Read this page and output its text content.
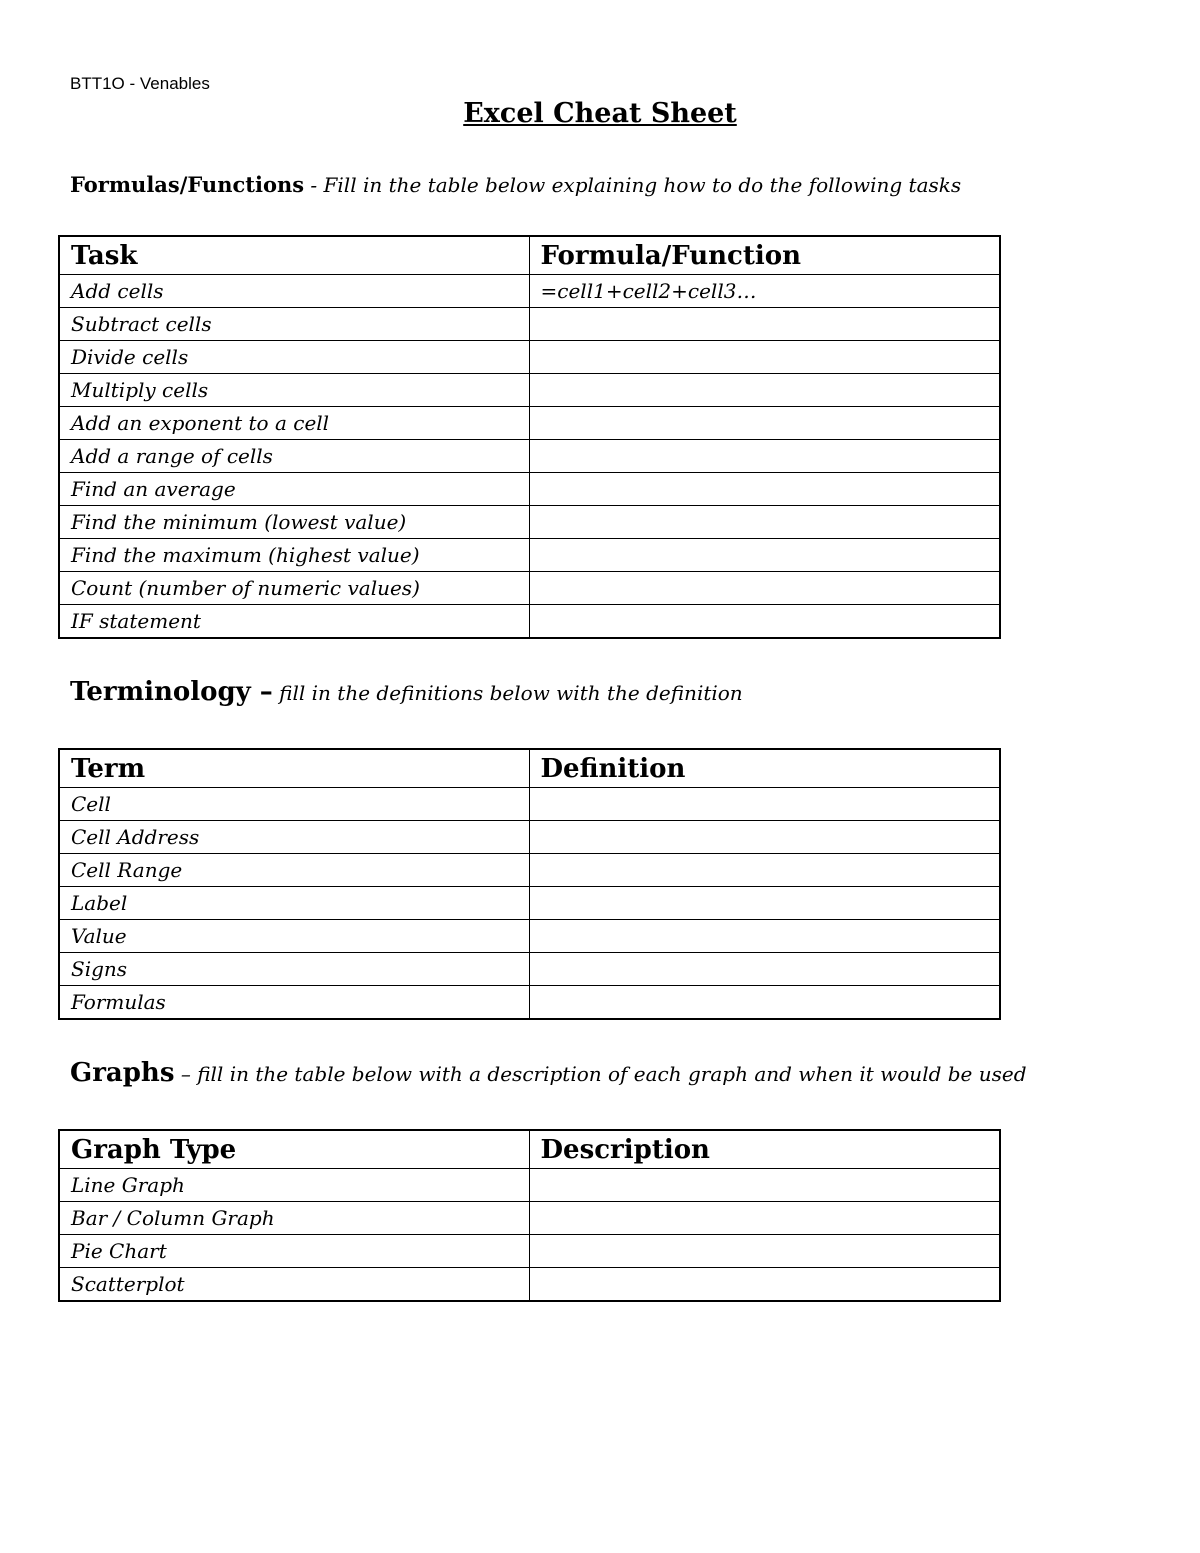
BTT1O - Venables
Excel Cheat Sheet
Formulas/Functions - Fill in the table below explaining how to do the following tasks
Task	Formula/Function
Add cells	=cell1+cell2+cell3…
Subtract cells	
Divide cells	
Multiply cells	
Add an exponent to a cell	
Add a range of cells	
Find an average	
Find the minimum (lowest value)	
Find the maximum (highest value)	
Count (number of numeric values)	
IF statement	
Terminology – fill in the definitions below with the definition
Term	Definition
Cell	
Cell Address	
Cell Range	
Label	
Value	
Signs	
Formulas	
Graphs – fill in the table below with a description of each graph and when it would be used
Graph Type	Description
Line Graph	
Bar / Column Graph	
Pie Chart	
Scatterplot	
